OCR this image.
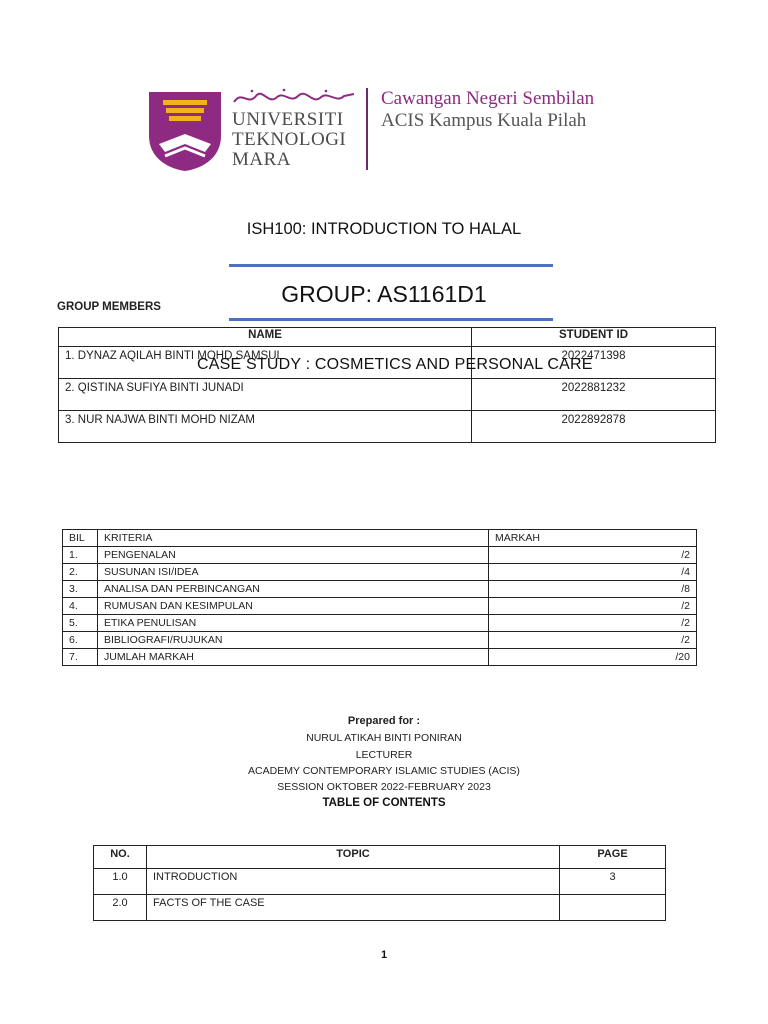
UNIVERSITI
TEKNOLOGI
MARA
Cawangan Negeri Sembilan
ACIS Kampus Kuala Pilah
ISH100: INTRODUCTION TO HALAL
GROUP: AS1161D1
GROUP MEMBERS
NAME	STUDENT ID
1. DYNAZ AQILAH BINTI MOHD SAMSUL	2022471398
2. QISTINA SUFIYA BINTI JUNADI	2022881232
3. NUR NAJWA BINTI MOHD NIZAM	2022892878
CASE STUDY : COSMETICS AND PERSONAL CARE
BIL	KRITERIA	MARKAH
1.	PENGENALAN	/2
2.	SUSUNAN ISI/IDEA	/4
3.	ANALISA DAN PERBINCANGAN	/8
4.	RUMUSAN DAN KESIMPULAN	/2
5.	ETIKA PENULISAN	/2
6.	BIBLIOGRAFI/RUJUKAN	/2
7.	JUMLAH MARKAH	/20
Prepared for :
NURUL ATIKAH BINTI PONIRAN
LECTURER
ACADEMY CONTEMPORARY ISLAMIC STUDIES (ACIS)
SESSION OKTOBER 2022-FEBRUARY 2023
TABLE OF CONTENTS
NO.	TOPIC	PAGE
1.0	INTRODUCTION	3
2.0	FACTS OF THE CASE	
1
